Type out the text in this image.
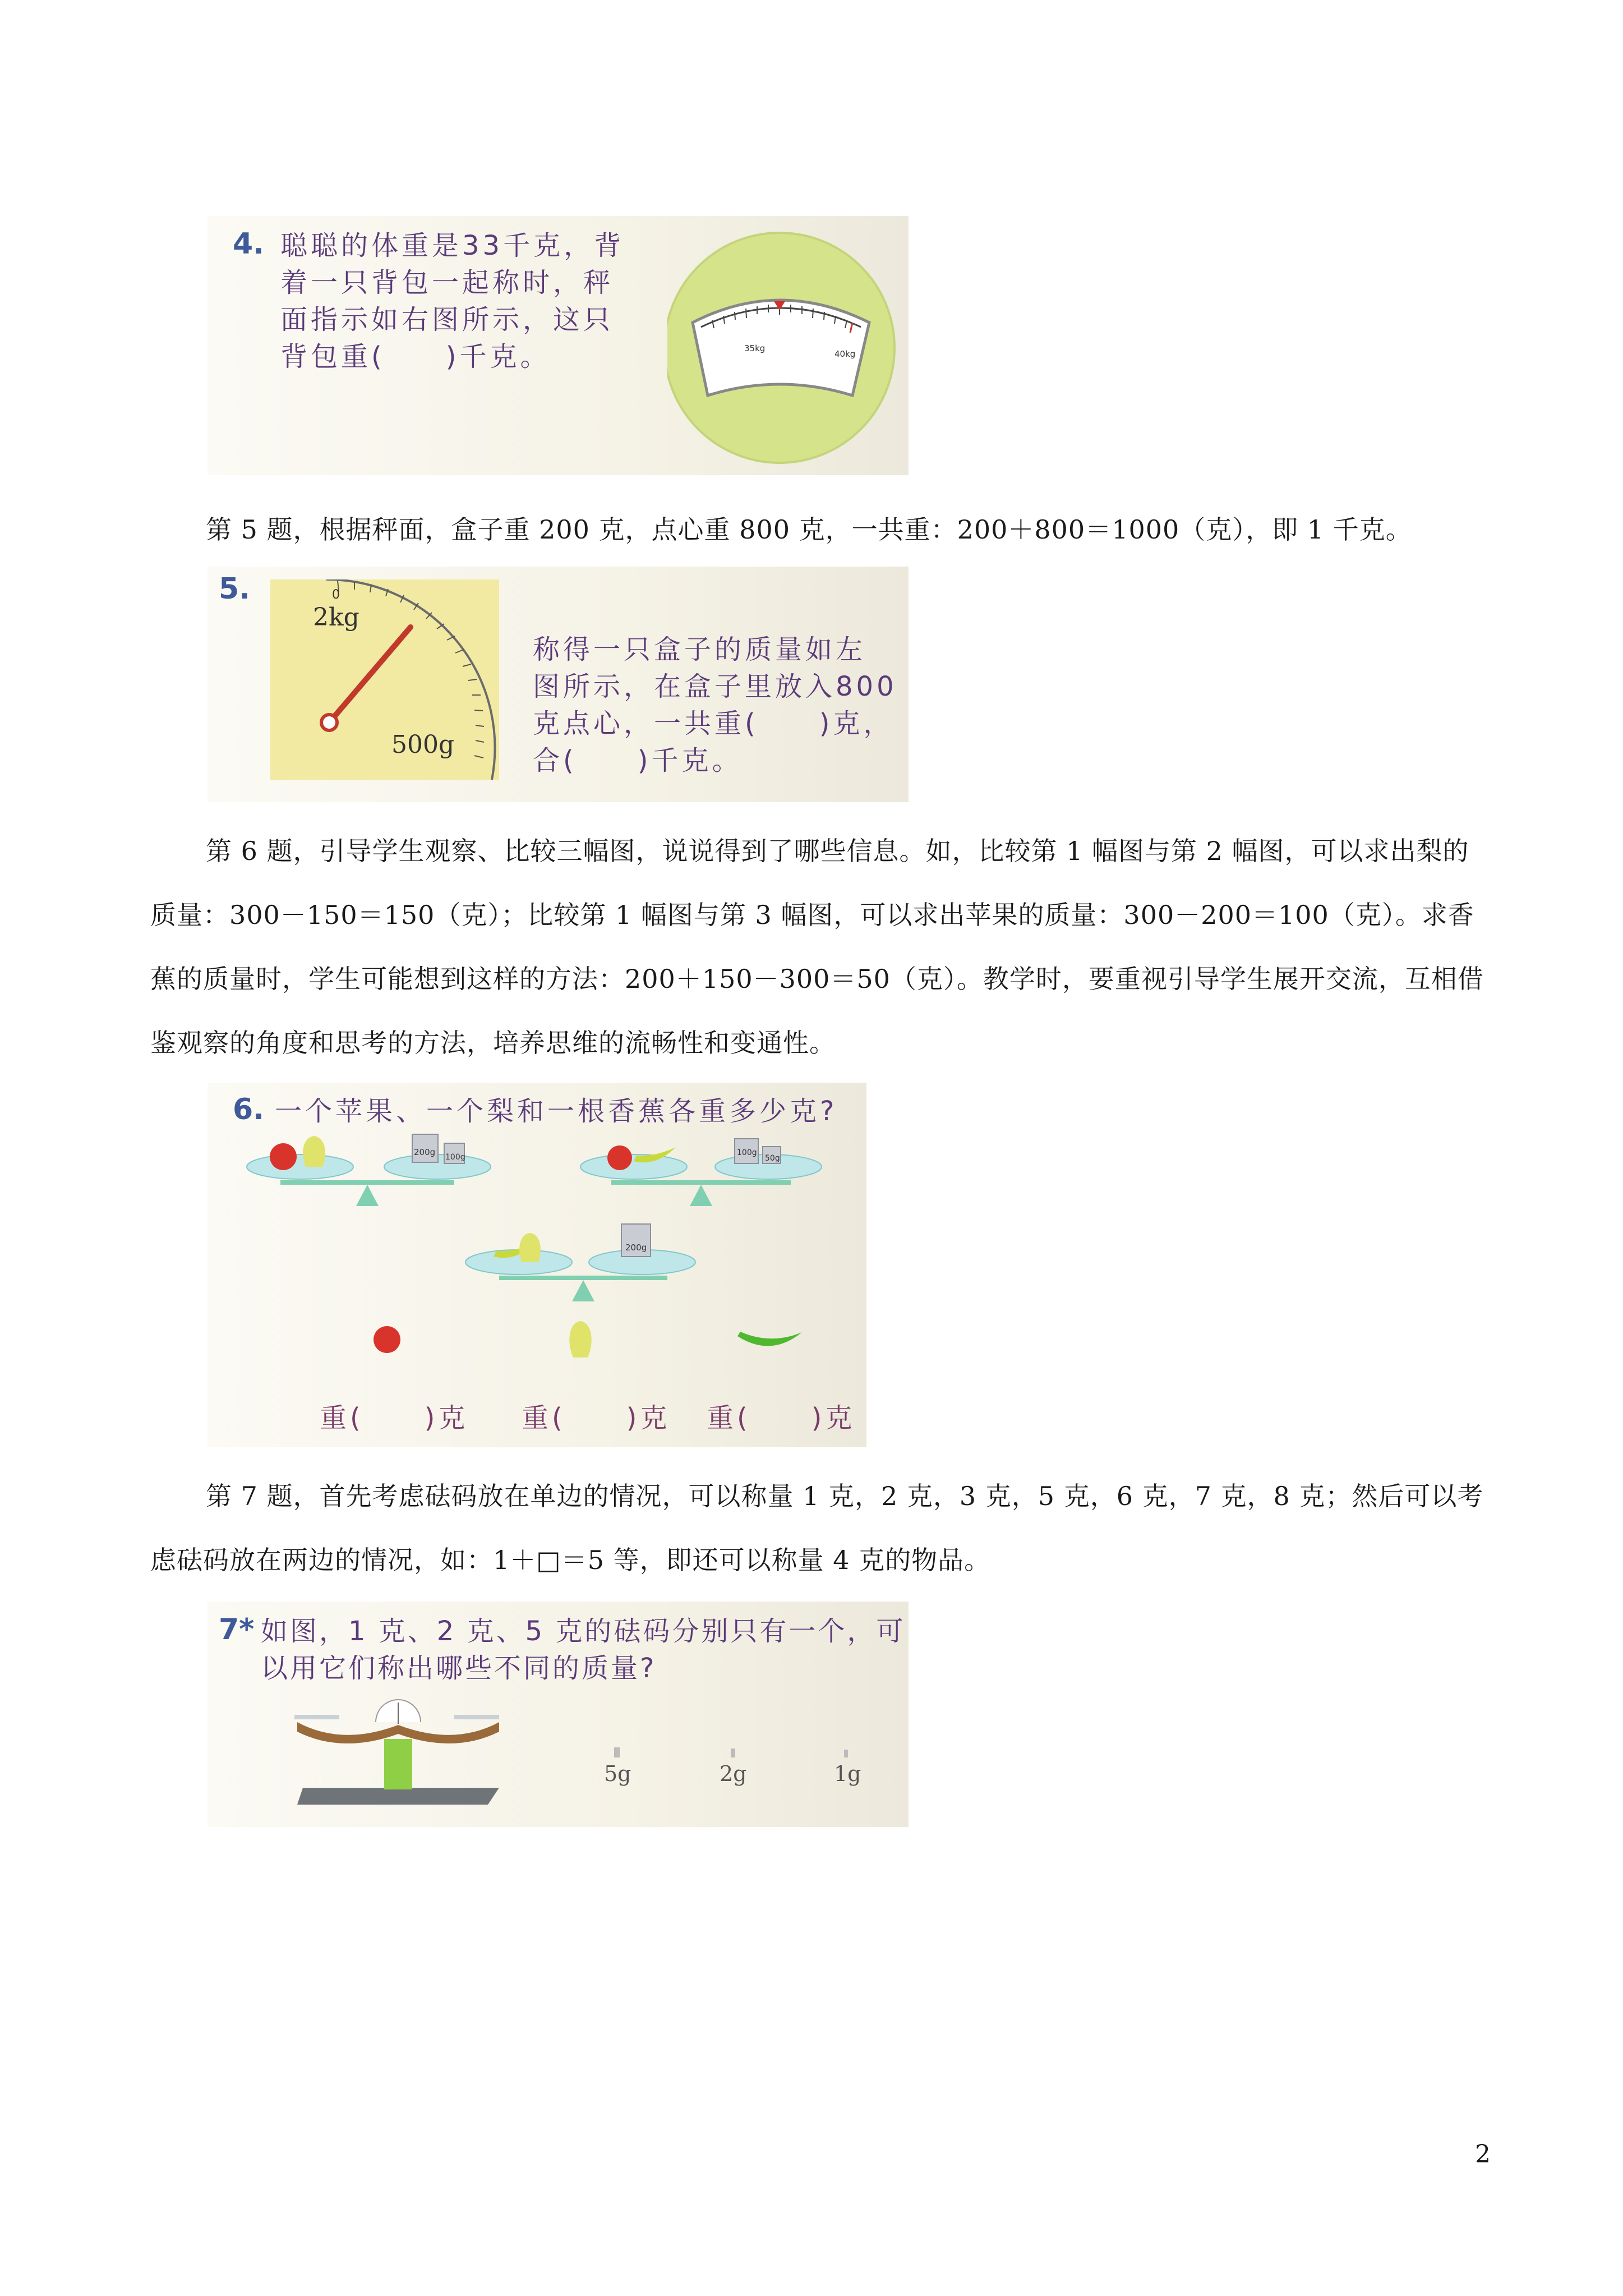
4. 聪聪的体重是33千克，背
着一只背包一起称时，秤
面指示如右图所示，这只
背包重(　　)千克。	35kg
40kg

第 5 题，根据秤面，盒子重 200 克，点心重 800 克，一共重：200＋800＝1000（克），即 1 千克。

5.	0
2kg
500g
称得一只盒子的质量如左
图所示，在盒子里放入800
克点心，一共重(　　)克，
合(　　)千克。

第 6 题，引导学生观察、比较三幅图，说说得到了哪些信息。如，比较第 1 幅图与第 2 幅图，可以求出梨的质量：300－150＝150（克）；比较第 1 幅图与第 3 幅图，可以求出苹果的质量：300－200＝100（克）。求香蕉的质量时，学生可能想到这样的方法：200＋150－300＝50（克）。教学时，要重视引导学生展开交流，互相借鉴观察的角度和思考的方法，培养思维的流畅性和变通性。

6. 一个苹果、一个梨和一根香蕉各重多少克?
200g 100g	100g
50g
200g
重(　　)克 重(　　)克 重(　　)克

第 7 题，首先考虑砝码放在单边的情况，可以称量 1 克，2 克，3 克，5 克，6 克，7 克，8 克；然后可以考虑砝码放在两边的情况，如：1＋□＝5 等，即还可以称量 4 克的物品。

7* 如图，1 克、2 克、5 克的砝码分别只有一个，可
以用它们称出哪些不同的质量?
5g	2g	1g
2
